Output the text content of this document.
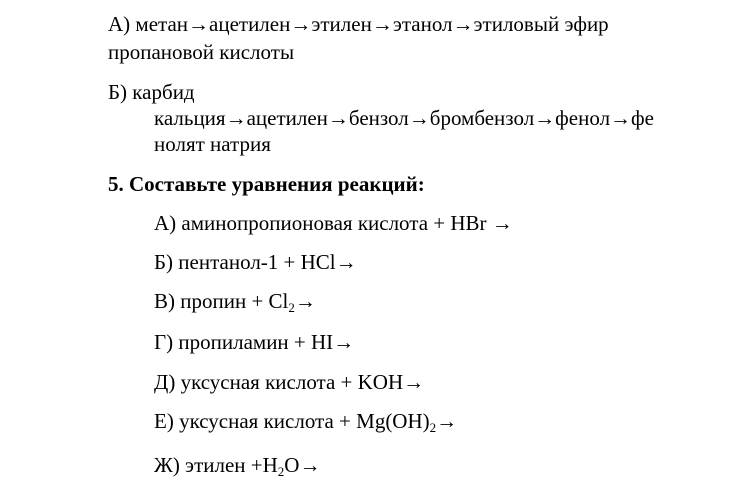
А) метан→ацетилен→этилен→этанол→этиловый эфир
пропановой кислоты
Б) карбид
кальция→ацетилен→бензол→бромбензол→фенол→фе
нолят натрия
5. Составьте уравнения реакций:
А) аминопропионовая кислота + HBr →
Б) пентанол-1 + HCl→
В) пропин + $Cl_2\to$
Г) пропиламин + HI→
Д) уксусная кислота + KOH→
Е) уксусная кислота + $Mg(OH)_2\to$
Ж) этилен $+H_2O\to$
